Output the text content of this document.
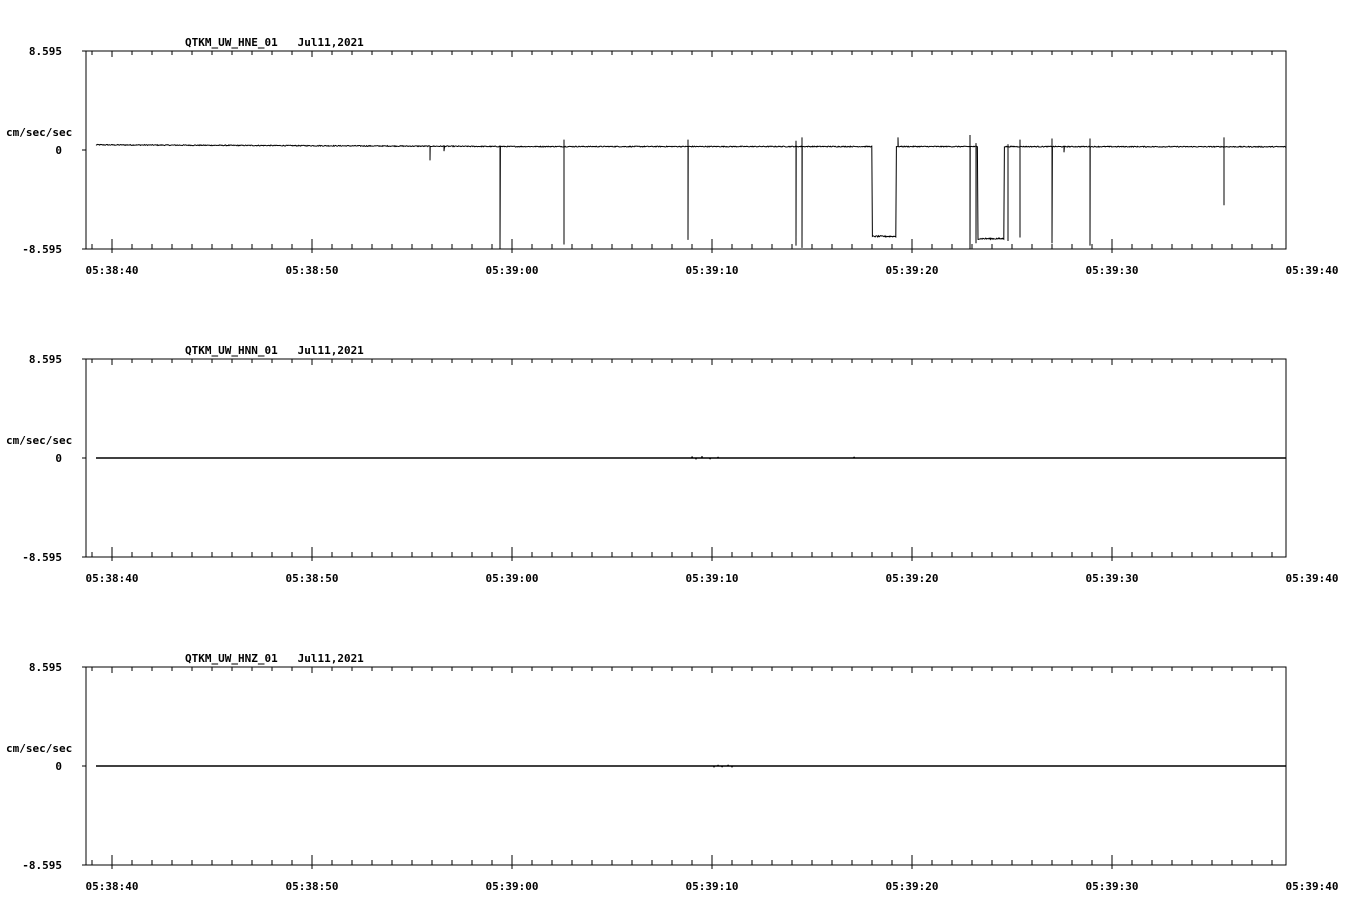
QTKM_UW_HNE_01   Jul11,2021
8.595
0
-8.595
cm/sec/sec
05:38:40	05:38:50	05:39:00	05:39:10	05:39:20	05:39:30	05:39:40
QTKM_UW_HNN_01   Jul11,2021
8.595
0
-8.595
cm/sec/sec
05:38:40	05:38:50	05:39:00	05:39:10	05:39:20	05:39:30	05:39:40
QTKM_UW_HNZ_01   Jul11,2021
8.595
0
-8.595
cm/sec/sec
05:38:40	05:38:50	05:39:00	05:39:10	05:39:20	05:39:30	05:39:40
